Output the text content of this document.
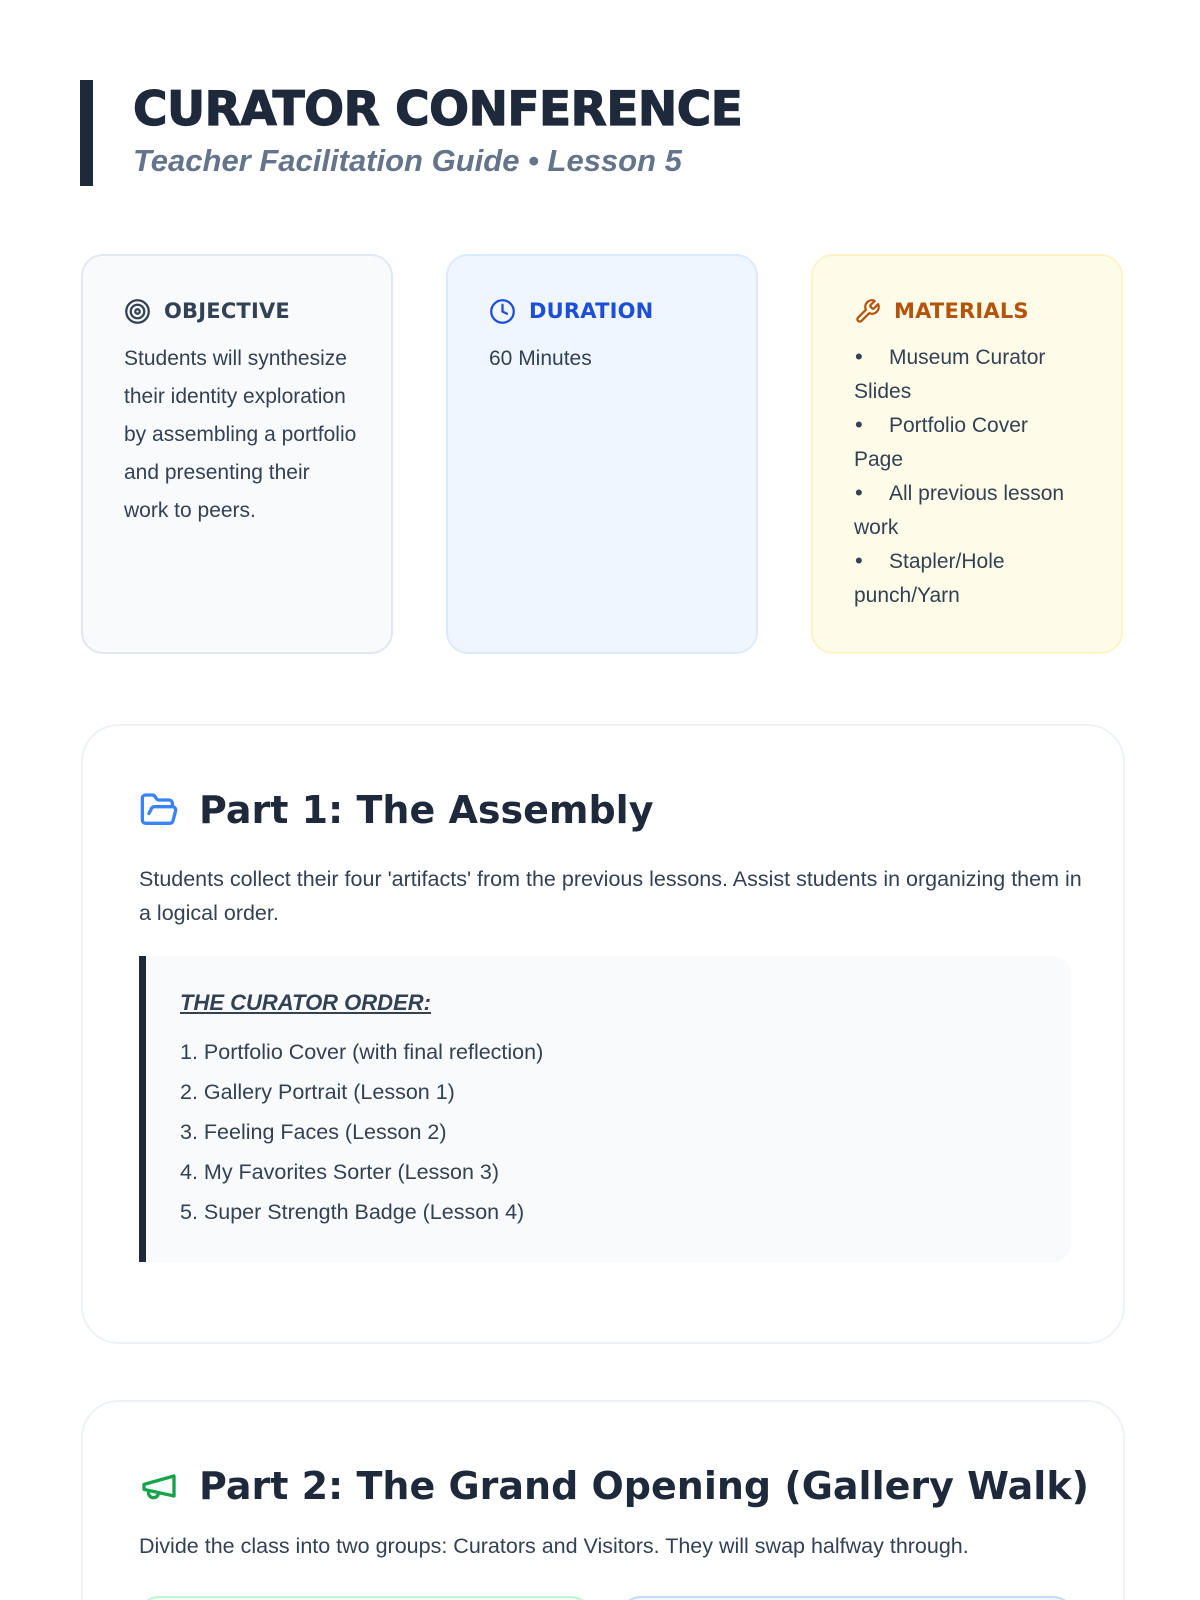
CURATOR CONFERENCE
Teacher Facilitation Guide • Lesson 5
OBJECTIVE

Students will synthesize their identity exploration by assembling a portfolio and presenting their work to peers.

DURATION

60 Minutes

MATERIALS
• Museum Curator Slides
• Portfolio Cover Page
• All previous lesson work
• Stapler/Hole punch/Yarn
Part 1: The Assembly

Students collect their four 'artifacts' from the previous lessons. Assist students in organizing them in a logical order.

THE CURATOR ORDER:
1. Portfolio Cover (with final reflection)
2. Gallery Portrait (Lesson 1)
3. Feeling Faces (Lesson 2)
4. My Favorites Sorter (Lesson 3)
5. Super Strength Badge (Lesson 4)
Part 2: The Grand Opening (Gallery Walk)

Divide the class into two groups: Curators and Visitors. They will swap halfway through.
